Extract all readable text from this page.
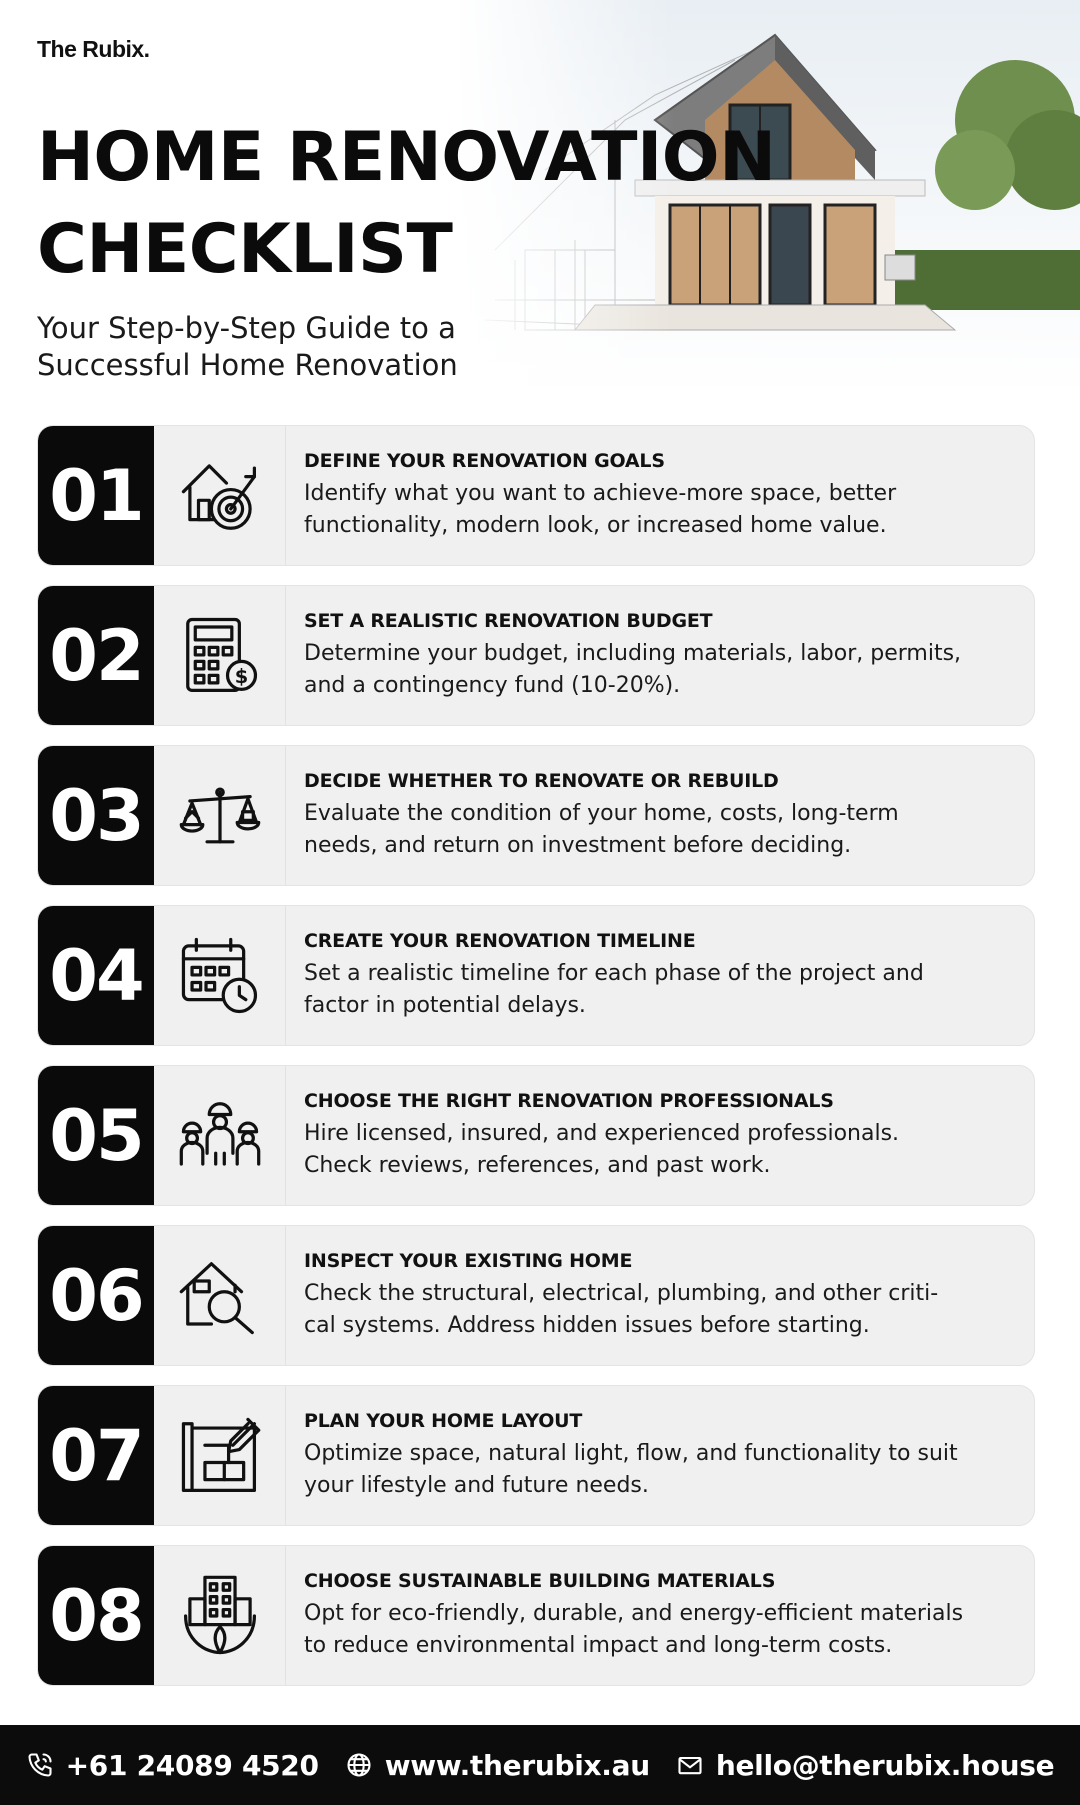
The Rubix.
HOME RENOVATION
CHECKLIST
Your Step-by-Step Guide to a
Successful Home Renovation
01	DEFINE YOUR RENOVATION GOALS
Identify what you want to achieve-more space, better
functionality, modern look, or increased home value.
02	$
SET A REALISTIC RENOVATION BUDGET
Determine your budget, including materials, labor, permits,
and a contingency fund (10-20%).
03	DECIDE WHETHER TO RENOVATE OR REBUILD
Evaluate the condition of your home, costs, long-term
needs, and return on investment before deciding.
04	CREATE YOUR RENOVATION TIMELINE
Set a realistic timeline for each phase of the project and
factor in potential delays.
05	CHOOSE THE RIGHT RENOVATION PROFESSIONALS
Hire licensed, insured, and experienced professionals.
Check reviews, references, and past work.
06	INSPECT YOUR EXISTING HOME
Check the structural, electrical, plumbing, and other criti-
cal systems. Address hidden issues before starting.
07	PLAN YOUR HOME LAYOUT
Optimize space, natural light, flow, and functionality to suit
your lifestyle and future needs.
08	CHOOSE SUSTAINABLE BUILDING MATERIALS
Opt for eco-friendly, durable, and energy-efficient materials
to reduce environmental impact and long-term costs.
+61 24089 4520 www.therubix.au hello@therubix.house
